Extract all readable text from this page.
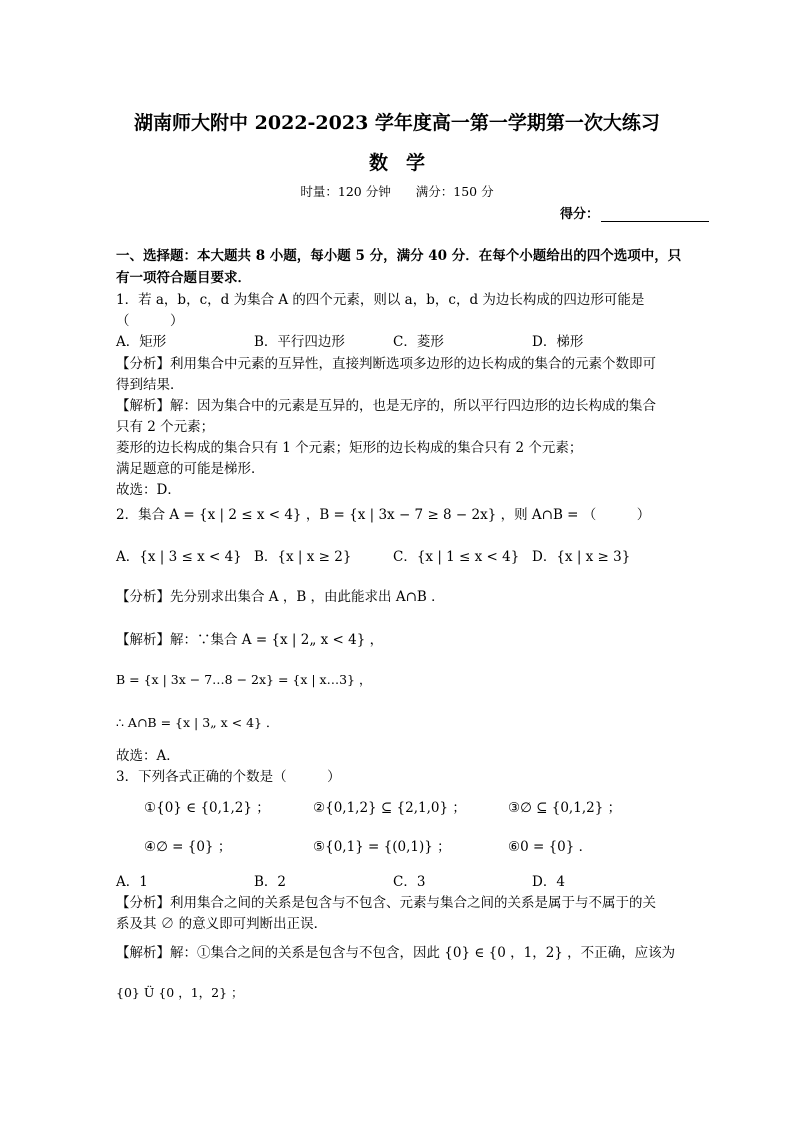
湖南师大附中 2022-2023 学年度高一第一学期第一次大练习
数学
时量：120 分钟　　满分：150 分
得分：
一、选择题：本大题共 8 小题，每小题 5 分，满分 40 分．在每个小题给出的四个选项中，只
有一项符合题目要求．
1．若 a，b，c，d 为集合 A 的四个元素，则以 a，b，c，d 为边长构成的四边形可能是
（　　　）
A．矩形	B．平行四边形	C．菱形	D．梯形
【分析】利用集合中元素的互异性，直接判断选项多边形的边长构成的集合的元素个数即可
得到结果．
【解析】解：因为集合中的元素是互异的，也是无序的，所以平行四边形的边长构成的集合
只有 2 个元素；
菱形的边长构成的集合只有 1 个元素；矩形的边长构成的集合只有 2 个元素；
满足题意的可能是梯形．
故选：D．
2．集合 A = {x | 2 ≤ x < 4} ，B = {x | 3x − 7 ≥ 8 − 2x} ，则 A∩B = （　　　）
A．{x | 3 ≤ x < 4} B．{x | x ≥ 2}	C．{x | 1 ≤ x < 4} D．{x | x ≥ 3}
【分析】先分别求出集合 A ，B ，由此能求出 A∩B ．
【解析】解：∵集合 A = {x | 2„ x < 4} ，
B = {x | 3x − 7…8 − 2x} = {x | x…3} ，
∴ A∩B = {x | 3„ x < 4} ．
故选：A．
3．下列各式正确的个数是（　　　）
①{0} ∈ {0,1,2} ；	②{0,1,2} ⊆ {2,1,0} ；	③∅ ⊆ {0,1,2} ；
④∅ = {0} ；	⑤{0,1} = {(0,1)} ；	⑥0 = {0} ．
A．1	B．2	C．3	D．4
【分析】利用集合之间的关系是包含与不包含、元素与集合之间的关系是属于与不属于的关
系及其 ∅ 的意义即可判断出正误．
【解析】解：①集合之间的关系是包含与不包含，因此 {0} ∈ {0 ，1，2} ，不正确，应该为
{0} Ü {0 ，1，2} ；
